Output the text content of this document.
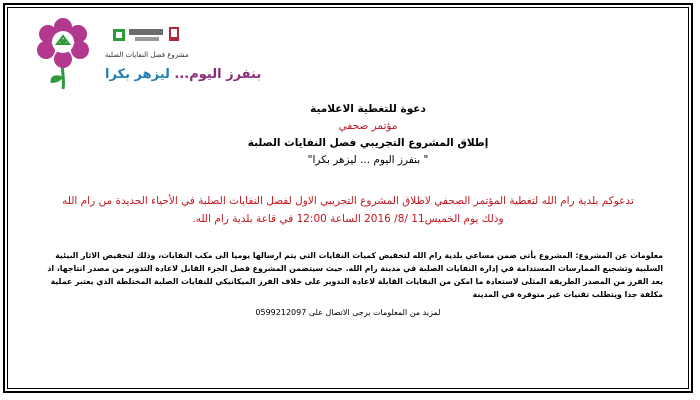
مشروع فصل النفايات الصلبة
بنفرز اليوم... ليزهر بكرا
دعوة للتغطية الاعلامية
مؤتمر صحفي
إطلاق المشروع التجريبي فصل النفايات الصلبة
" بنفرز اليوم ... ليزهر بكرا"
تدعوكم بلدية رام الله لتغطية المؤتمر الصحفي لاطلاق المشروع التجريبي الاول لفصل النفايات الصلبة في الأحياء الجديدة من رام الله
وذلك يوم الخميس11 /8/ 2016 الساعة 12:00 في قاعة بلدية رام الله.
معلومات عن المشروع: المشروع يأتي ضمن مساعي بلدية رام الله لتخفيض كميات النفايات التي يتم ارسالها يوميا الى مكب النفايات، وذلك لتخفيض الاثار البيئية السلبية وتشجيع الممارسات المستدامة في إدارة النفايات الصلبة في مدينة رام الله. حيث سيتضمن المشروع فصل الجزء القابل لاعادة التدوير من مصدر انتاجها، اذ يعد الفرز من المصدر الطريقة المثلى لاستعادة ما امكن من النفايات القابلة لاعادة التدوير على خلاف الفرز الميكانيكي للنفايات الصلبة المختلطة الذي يعتبر عملية مكلفة جدا ويتطلب تقنيات غير متوفرة في المدينة
لمزيد من المعلومات يرجى الاتصال على 0599212097
